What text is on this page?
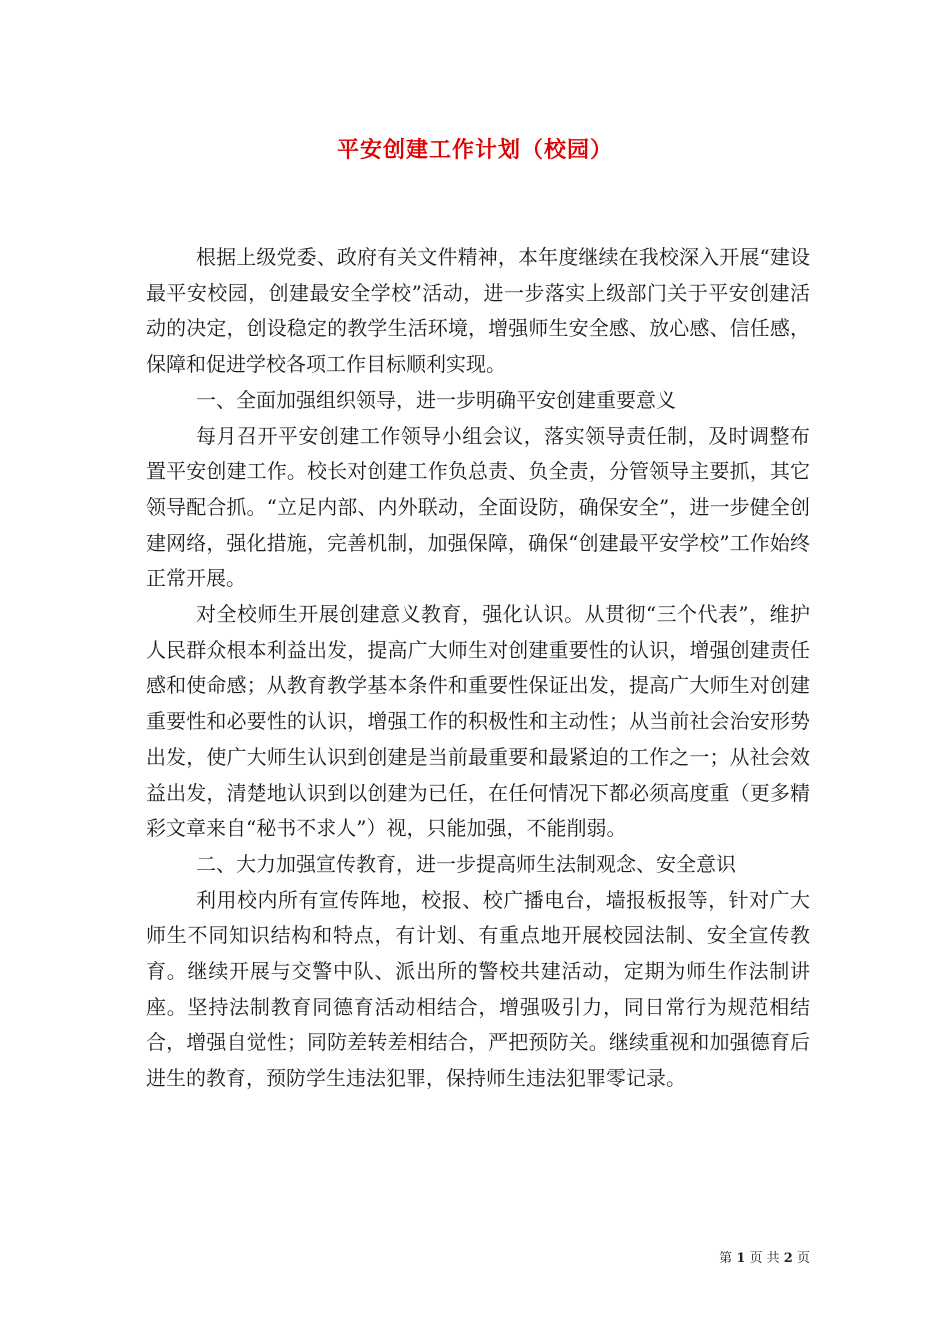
平安创建工作计划（校园）

根据上级党委、政府有关文件精神，本年度继续在我校深入开展“建设最平安校园，创建最安全学校”活动，进一步落实上级部门关于平安创建活动的决定，创设稳定的教学生活环境，增强师生安全感、放心感、信任感，保障和促进学校各项工作目标顺利实现。

一、全面加强组织领导，进一步明确平安创建重要意义

每月召开平安创建工作领导小组会议，落实领导责任制，及时调整布置平安创建工作。校长对创建工作负总责、负全责，分管领导主要抓，其它领导配合抓。“立足内部、内外联动，全面设防，确保安全”，进一步健全创建网络，强化措施，完善机制，加强保障，确保“创建最平安学校”工作始终正常开展。

对全校师生开展创建意义教育，强化认识。从贯彻“三个代表”，维护人民群众根本利益出发，提高广大师生对创建重要性的认识，增强创建责任感和使命感；从教育教学基本条件和重要性保证出发，提高广大师生对创建重要性和必要性的认识，增强工作的积极性和主动性；从当前社会治安形势出发，使广大师生认识到创建是当前最重要和最紧迫的工作之一；从社会效益出发，清楚地认识到以创建为已任，在任何情况下都必须高度重（更多精彩文章来自“秘书不求人”）视，只能加强，不能削弱。

二、大力加强宣传教育，进一步提高师生法制观念、安全意识

利用校内所有宣传阵地，校报、校广播电台，墙报板报等，针对广大师生不同知识结构和特点，有计划、有重点地开展校园法制、安全宣传教育。继续开展与交警中队、派出所的警校共建活动，定期为师生作法制讲座。坚持法制教育同德育活动相结合，增强吸引力，同日常行为规范相结合，增强自觉性；同防差转差相结合，严把预防关。继续重视和加强德育后进生的教育，预防学生违法犯罪，保持师生违法犯罪零记录。

第 1 页 共 2 页
